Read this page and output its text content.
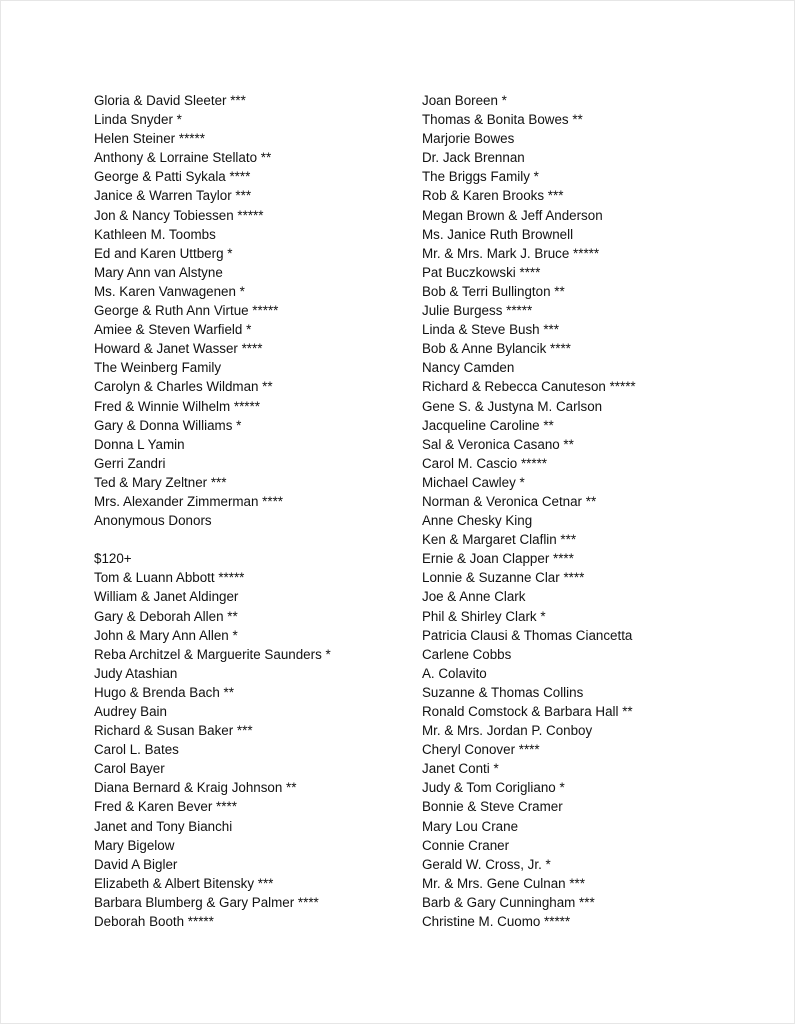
Gloria & David Sleeter ***
Linda Snyder *
Helen Steiner *****
Anthony & Lorraine Stellato **
George & Patti Sykala ****
Janice & Warren Taylor ***
Jon & Nancy Tobiessen *****
Kathleen M. Toombs
Ed and Karen Uttberg *
Mary Ann van Alstyne
Ms. Karen Vanwagenen *
George & Ruth Ann Virtue *****
Amiee & Steven Warfield *
Howard & Janet Wasser ****
The Weinberg Family
Carolyn & Charles Wildman **
Fred & Winnie Wilhelm *****
Gary & Donna Williams *
Donna L Yamin
Gerri Zandri
Ted & Mary Zeltner ***
Mrs. Alexander Zimmerman ****
Anonymous Donors
$120+
Tom & Luann Abbott *****
William & Janet Aldinger
Gary & Deborah Allen **
John & Mary Ann Allen *
Reba Architzel & Marguerite Saunders *
Judy Atashian
Hugo & Brenda Bach **
Audrey Bain
Richard & Susan Baker ***
Carol L. Bates
Carol Bayer
Diana Bernard & Kraig Johnson **
Fred & Karen Bever ****
Janet and Tony Bianchi
Mary Bigelow
David A Bigler
Elizabeth & Albert Bitensky ***
Barbara Blumberg & Gary Palmer ****
Deborah Booth *****
Joan Boreen *
Thomas & Bonita Bowes **
Marjorie Bowes
Dr. Jack Brennan
The Briggs Family *
Rob & Karen Brooks ***
Megan Brown & Jeff Anderson
Ms. Janice Ruth Brownell
Mr. & Mrs. Mark J. Bruce *****
Pat Buczkowski ****
Bob & Terri Bullington **
Julie Burgess *****
Linda & Steve Bush ***
Bob & Anne Bylancik ****
Nancy Camden
Richard & Rebecca Canuteson *****
Gene S. & Justyna M. Carlson
Jacqueline Caroline **
Sal & Veronica Casano **
Carol M. Cascio *****
Michael Cawley *
Norman & Veronica Cetnar **
Anne Chesky King
Ken & Margaret Claflin ***
Ernie & Joan Clapper ****
Lonnie & Suzanne Clar ****
Joe & Anne Clark
Phil & Shirley Clark *
Patricia Clausi & Thomas Ciancetta
Carlene Cobbs
A. Colavito
Suzanne & Thomas Collins
Ronald Comstock & Barbara Hall **
Mr. & Mrs. Jordan P. Conboy
Cheryl Conover ****
Janet Conti *
Judy & Tom Corigliano *
Bonnie & Steve Cramer
Mary Lou Crane
Connie Craner
Gerald W. Cross, Jr. *
Mr. & Mrs. Gene Culnan ***
Barb & Gary Cunningham ***
Christine M. Cuomo *****
